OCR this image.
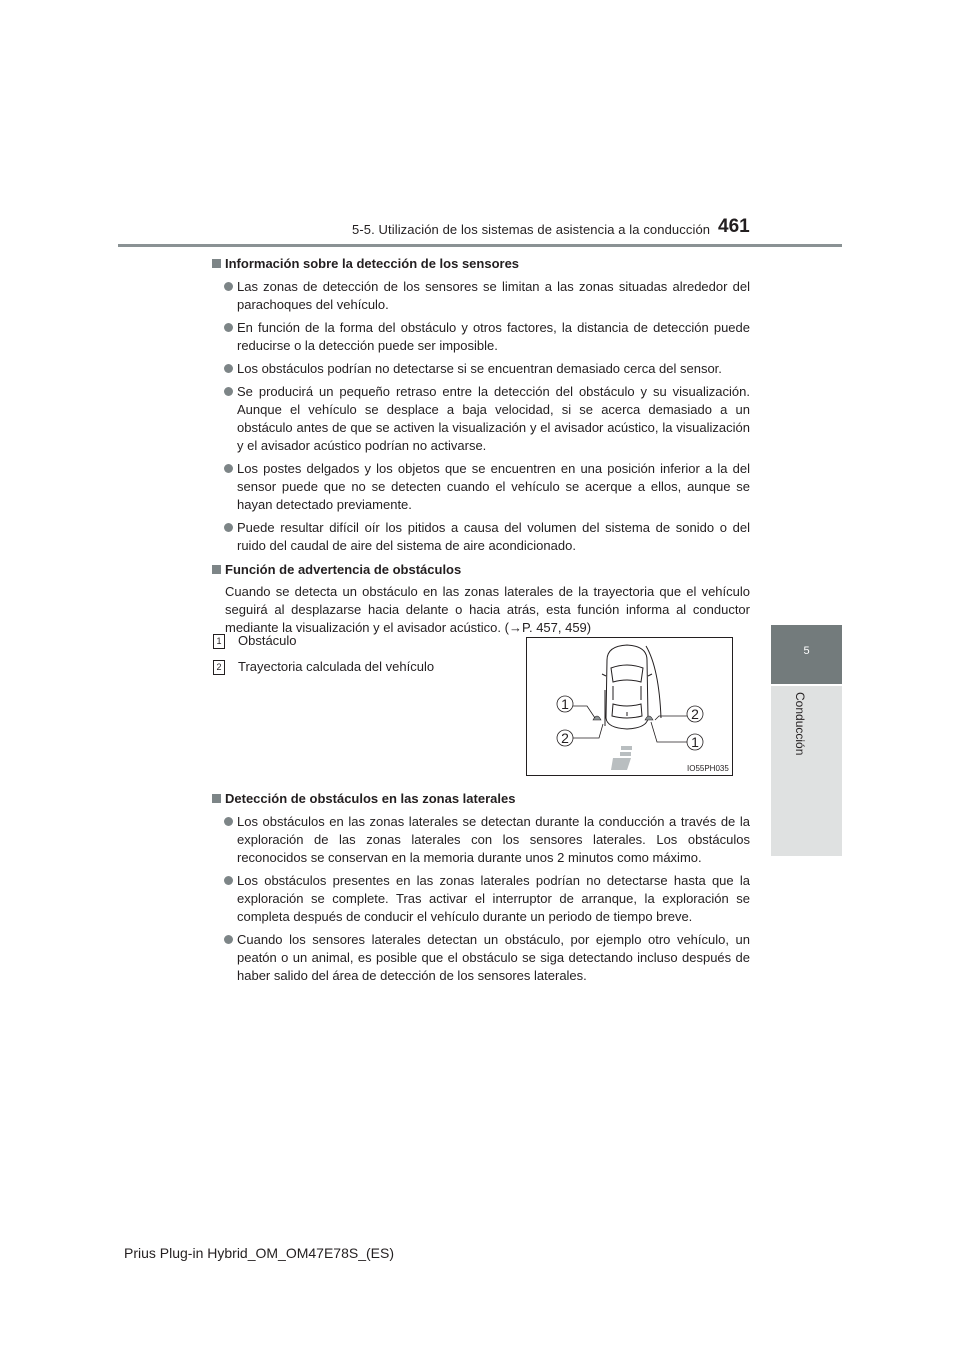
5-5. Utilización de los sistemas de asistencia a la conducción 461
5
Conducción
Información sobre la detección de los sensores
Las zonas de detección de los sensores se limitan a las zonas situadas alrededor del parachoques del vehículo.
En función de la forma del obstáculo y otros factores, la distancia de detección puede reducirse o la detección puede ser imposible.
Los obstáculos podrían no detectarse si se encuentran demasiado cerca del sensor.
Se producirá un pequeño retraso entre la detección del obstáculo y su visualización. Aunque el vehículo se desplace a baja velocidad, si se acerca demasiado a un obstáculo antes de que se activen la visualización y el avisador acústico, la visualización y el avisador acústico podrían no activarse.
Los postes delgados y los objetos que se encuentren en una posición inferior a la del sensor puede que no se detecten cuando el vehículo se acerque a ellos, aunque se hayan detectado previamente.
Puede resultar difícil oír los pitidos a causa del volumen del sistema de sonido o del ruido del caudal de aire del sistema de aire acondicionado.
Función de advertencia de obstáculos
Cuando se detecta un obstáculo en las zonas laterales de la trayectoria que el vehículo seguirá al desplazarse hacia delante o hacia atrás, esta función informa al conductor mediante la visualización y el avisador acústico. (→P. 457, 459)
1 Obstáculo
2 Trayectoria calculada del vehículo
1
2
2
1
IO55PH035
Detección de obstáculos en las zonas laterales
Los obstáculos en las zonas laterales se detectan durante la conducción a través de la exploración de las zonas laterales con los sensores laterales. Los obstáculos reconocidos se conservan en la memoria durante unos 2 minutos como máximo.
Los obstáculos presentes en las zonas laterales podrían no detectarse hasta que la exploración se complete. Tras activar el interruptor de arranque, la exploración se completa después de conducir el vehículo durante un periodo de tiempo breve.
Cuando los sensores laterales detectan un obstáculo, por ejemplo otro vehículo, un peatón o un animal, es posible que el obstáculo se siga detectando incluso después de haber salido del área de detección de los sensores laterales.
Prius Plug-in Hybrid_OM_OM47E78S_(ES)
